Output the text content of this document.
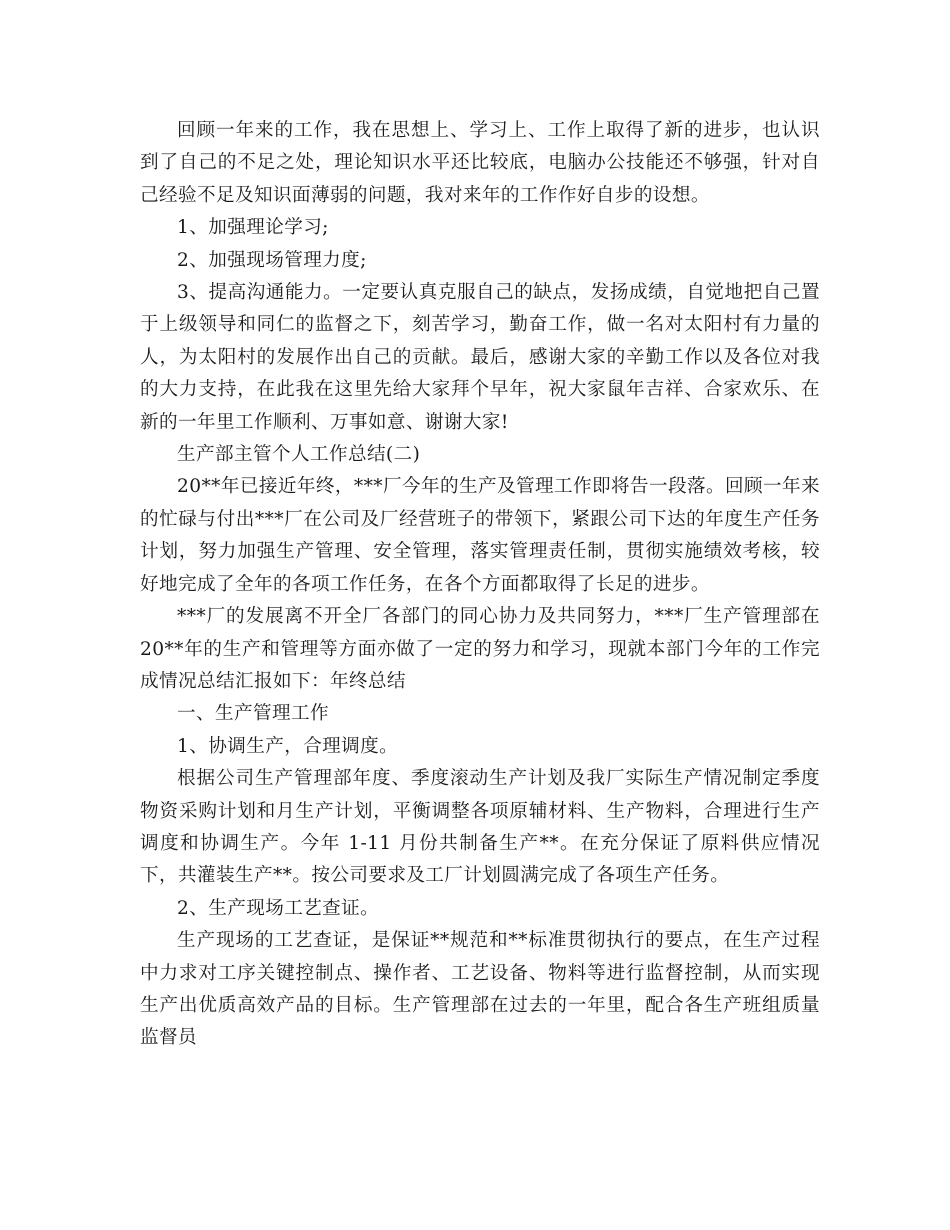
回顾一年来的工作，我在思想上、学习上、工作上取得了新的进步，也认识到了自己的不足之处，理论知识水平还比较底，电脑办公技能还不够强，针对自己经验不足及知识面薄弱的问题，我对来年的工作作好自步的设想。

1、加强理论学习;

2、加强现场管理力度;

3、提高沟通能力。一定要认真克服自己的缺点，发扬成绩，自觉地把自己置于上级领导和同仁的监督之下，刻苦学习，勤奋工作，做一名对太阳村有力量的人，为太阳村的发展作出自己的贡献。最后，感谢大家的辛勤工作以及各位对我的大力支持，在此我在这里先给大家拜个早年，祝大家鼠年吉祥、合家欢乐、在新的一年里工作顺利、万事如意、谢谢大家!

生产部主管个人工作总结(二)

20**年已接近年终，***厂今年的生产及管理工作即将告一段落。回顾一年来的忙碌与付出***厂在公司及厂经营班子的带领下，紧跟公司下达的年度生产任务计划，努力加强生产管理、安全管理，落实管理责任制，贯彻实施绩效考核，较好地完成了全年的各项工作任务，在各个方面都取得了长足的进步。

***厂的发展离不开全厂各部门的同心协力及共同努力，***厂生产管理部在20**年的生产和管理等方面亦做了一定的努力和学习，现就本部门今年的工作完成情况总结汇报如下：年终总结

一、生产管理工作

1、协调生产，合理调度。

根据公司生产管理部年度、季度滚动生产计划及我厂实际生产情况制定季度物资采购计划和月生产计划，平衡调整各项原辅材料、生产物料，合理进行生产调度和协调生产。今年 1-11 月份共制备生产**。在充分保证了原料供应情况下，共灌装生产**。按公司要求及工厂计划圆满完成了各项生产任务。

2、生产现场工艺查证。

生产现场的工艺查证，是保证**规范和**标准贯彻执行的要点，在生产过程中力求对工序关键控制点、操作者、工艺设备、物料等进行监督控制，从而实现生产出优质高效产品的目标。生产管理部在过去的一年里，配合各生产班组质量监督员
